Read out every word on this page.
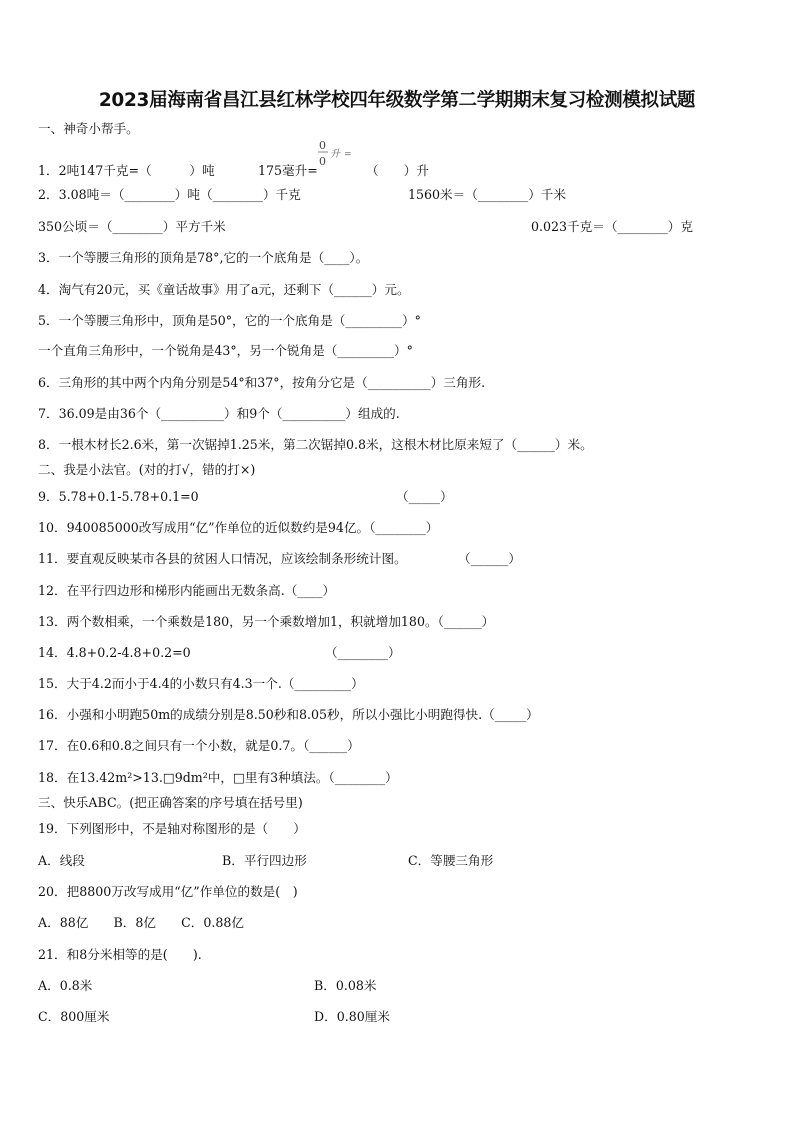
2023届海南省昌江县红林学校四年级数学第二学期期末复习检测模拟试题
一、神奇小帮手。
1．2吨147千克=（　　　）吨	175毫升=
0
0
升 =
（　　）升
2．3.08吨＝（________）吨（________）千克	1560米＝（________）千米
350公顷＝（________）平方千米	0.023千克＝（________）克
3．一个等腰三角形的顶角是78°,它的一个底角是（____）。
4．淘气有20元，买《童话故事》用了a元，还剩下（______）元。
5．一个等腰三角形中，顶角是50°，它的一个底角是（_________）°
一个直角三角形中，一个锐角是43°，另一个锐角是（_________）°
6．三角形的其中两个内角分别是54°和37°，按角分它是（__________）三角形.
7．36.09是由36个（__________）和9个（__________）组成的.
8．一根木材长2.6米，第一次锯掉1.25米，第二次锯掉0.8米，这根木材比原来短了（______）米。
二、我是小法官。(对的打√，错的打×)
9．5.78+0.1-5.78+0.1=0	（_____）
10．940085000改写成用“亿”作单位的近似数约是94亿。（________）
11．要直观反映某市各县的贫困人口情况，应该绘制条形统计图。	（______）
12．在平行四边形和梯形内能画出无数条高.（____）
13．两个数相乘，一个乘数是180，另一个乘数增加1，积就增加180。（______）
14．4.8+0.2-4.8+0.2=0	（________）
15．大于4.2而小于4.4的小数只有4.3一个.（_________）
16．小强和小明跑50m的成绩分别是8.50秒和8.05秒，所以小强比小明跑得快.（_____）
17．在0.6和0.8之间只有一个小数，就是0.7。（______）
18．在13.42m²>13.□9dm²中，□里有3种填法。（________）
三、快乐ABC。(把正确答案的序号填在括号里)
19．下列图形中，不是轴对称图形的是（　　）
A．线段	B．平行四边形	C．等腰三角形
20．把8800万改写成用“亿”作单位的数是(　)
A．88亿　　B．8亿　　C．0.88亿
21．和8分米相等的是(　　).
A．0.8米	B．0.08米
C．800厘米	D．0.80厘米
